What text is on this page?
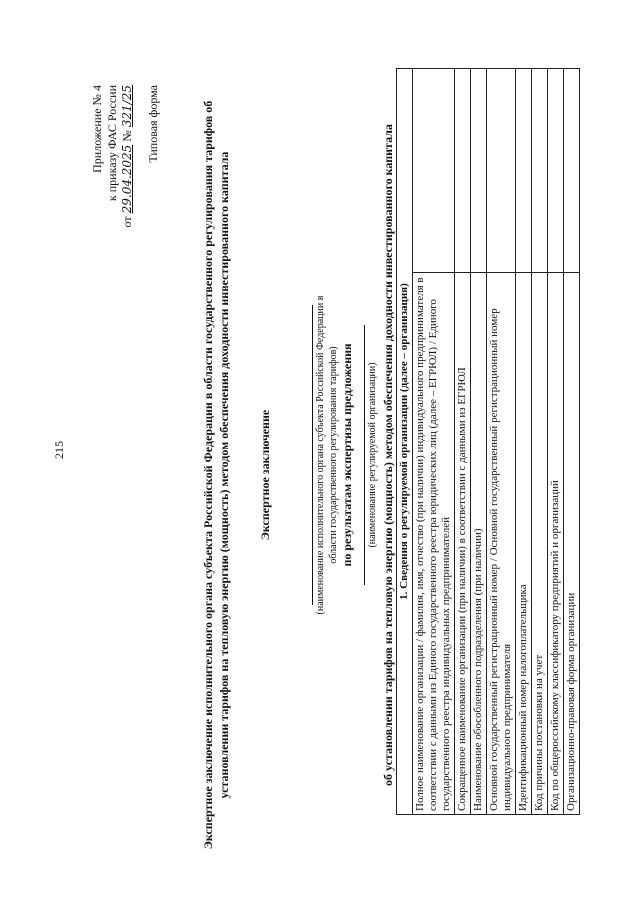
215
Приложение № 4 к приказу ФАС России
от 29.04.2025 № 321/25 Типовая форма	Экспертное заключение исполнительного органа субъекта Российской Федерации в области государственного регулирования тарифов об установлении тарифов на тепловую энергию (мощность) методом обеспечения доходности инвестированного капитала Экспертное заключение	(наименование исполнительного органа субъекта Российской Федерации в области государственного регулирования тарифов) по результатам экспертизы предложения (наименование регулируемой организации) об установлении тарифов на тепловую энергию (мощность) методом обеспечения доходности инвестированного капитала 1. Сведения о регулируемой организации (далее – организация)	
Полное наименование организации / фамилия, имя, отчество (при наличии) индивидуального предпринимателя в соответствии с данными из Единого государственного реестра юридических лиц (далее – ЕГРЮЛ) / Единого государственного реестра индивидуальных предпринимателей	
Сокращенное наименование организации (при наличии) в соответствии с данными из ЕГРЮЛ	
Наименование обособленного подразделения (при наличии)	
Основной государственный регистрационный номер / Основной государственный регистрационный номер индивидуального предпринимателя	
Идентификационный номер налогоплательщика	
Код причины постановки на учет	
Код по общероссийскому классификатору предприятий и организаций	
Организационно-правовая форма организации	
